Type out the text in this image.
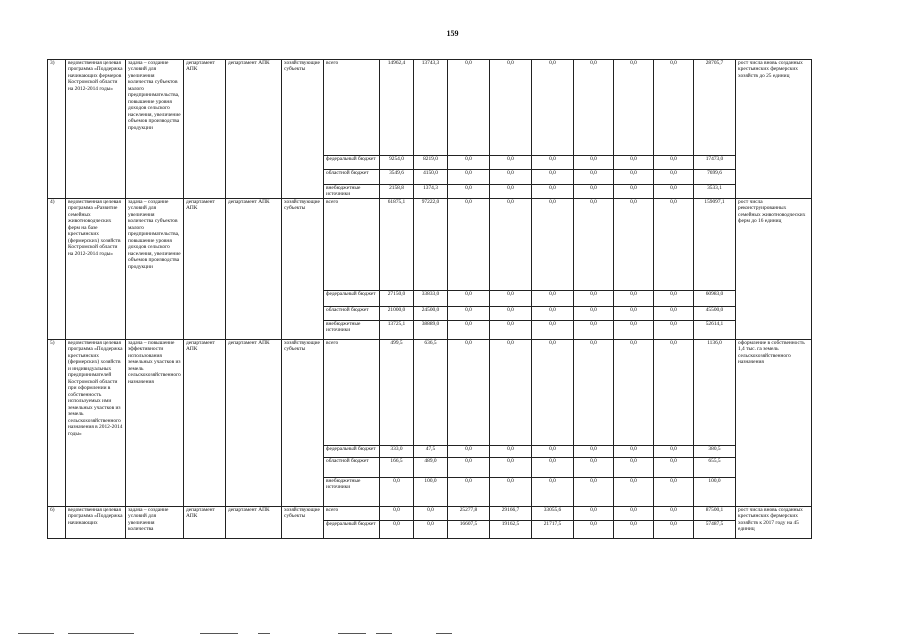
159
3)	ведомственная целевая программа «Поддержка начинающих фермеров Костромской области на 2012-2014 годы»	задача – создание условий для увеличения количества субъектов малого предпринимательства, повышение уровня доходов сельского населения, увеличение объемов производства продукции	департамент АПК	департамент АПК	хозяйствующие субъекты	всего	14962,4	13743,3	0,0	0,0	0,0	0,0	0,0	0,0	28705,7	рост числа вновь созданных крестьянских фермерских хозяйств до 25 единиц
						федеральный бюджет	9254,0	8219,0	0,0	0,0	0,0	0,0	0,0	0,0	17473,0	
						областной бюджет	3549,6	4150,0	0,0	0,0	0,0	0,0	0,0	0,0	7699,6	
						внебюджетные источники	2158,8	1374,3	0,0	0,0	0,0	0,0	0,0	0,0	3533,1	
4)	ведомственная целевая программа «Развитие семейных животноводческих ферм на базе крестьянских (фермерских) хозяйств Костромской области на 2012-2014 годы»	задача – создание условий для увеличения количества субъектов малого предпринимательства, повышение уровня доходов сельского населения, увеличение объемов производства продукции	департамент АПК	департамент АПК	хозяйствующие субъекты	всего	61875,1	97222,0	0,0	0,0	0,0	0,0	0,0	0,0	159097,1	рост числа реконструированных семейных животноводческих ферм до 16 единиц
						федеральный бюджет	27150,0	33833,0	0,0	0,0	0,0	0,0	0,0	0,0	60983,0	
						областной бюджет	21000,0	24500,0	0,0	0,0	0,0	0,0	0,0	0,0	45500,0	
						внебюджетные источники	13725,1	38889,0	0,0	0,0	0,0	0,0	0,0	0,0	52614,1	
5)	ведомственная целевая программа «Поддержка крестьянских (фермерских) хозяйств и индивидуальных предпринимателей Костромской области при оформлении в собственность используемых ими земельных участков из земель сельскохозяйственного назначения в 2012-2014 годы»	задача – повышение эффективности использования земельных участков из земель сельскохозяйственного назначения	департамент АПК	департамент АПК	хозяйствующие субъекты	всего	499,5	636,5	0,0	0,0	0,0	0,0	0,0	0,0	1136,0	оформление в собственность 1,4 тыс. га земель сельскохозяйственного назначения
						федеральный бюджет	333,0	47,5	0,0	0,0	0,0	0,0	0,0	0,0	380,5	
						областной бюджет	166,5	489,0	0,0	0,0	0,0	0,0	0,0	0,0	655,5	
						внебюджетные источники	0,0	100,0	0,0	0,0	0,0	0,0	0,0	0,0	100,0	
6)	ведомственная целевая программа «Поддержка начинающих	задача – создание условий для увеличения количества	департамент АПК	департамент АПК	хозяйствующие субъекты	всего	0,0	0,0	25277,8	29166,7	33055,6	0,0	0,0	0,0	87500,1	рост числа вновь созданных крестьянских фермерских хозяйств к 2017 году на 45 единиц
						федеральный бюджет	0,0	0,0	16607,5	19162,5	21717,5	0,0	0,0	0,0	57487,5	
